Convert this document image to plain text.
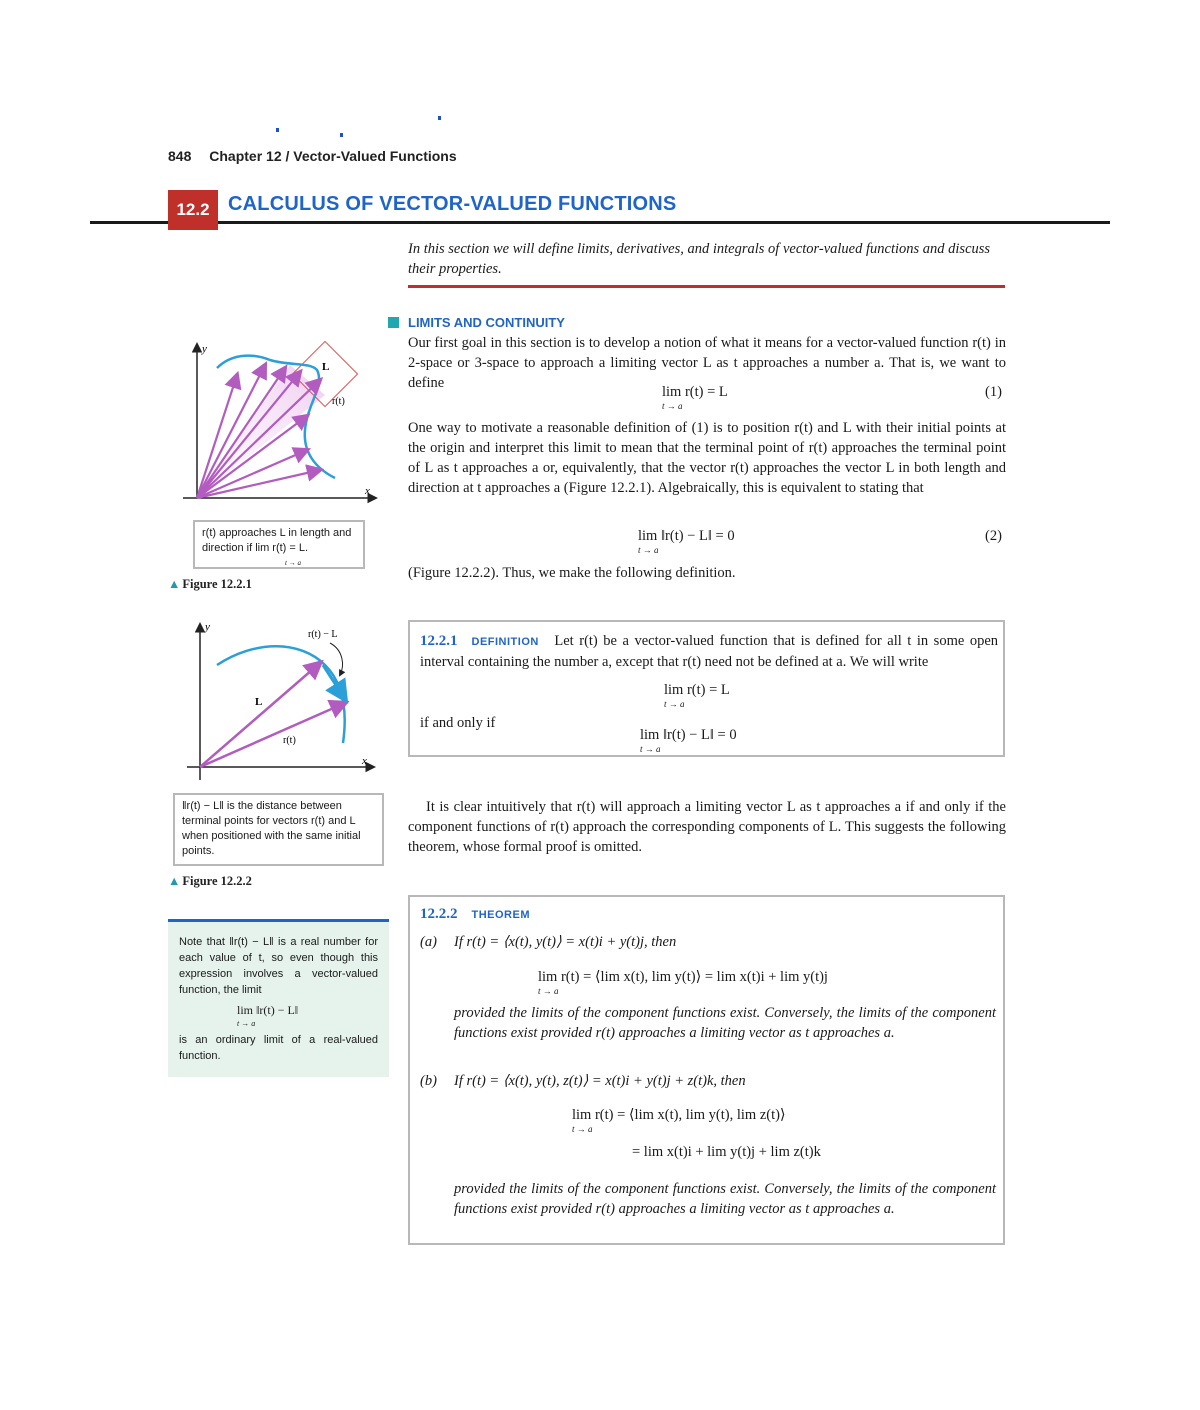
848 Chapter 12 / Vector-Valued Functions
12.2 CALCULUS OF VECTOR-VALUED FUNCTIONS
In this section we will define limits, derivatives, and integrals of vector-valued functions and discuss their properties.
LIMITS AND CONTINUITY
Our first goal in this section is to develop a notion of what it means for a vector-valued function r(t) in 2-space or 3-space to approach a limiting vector L as t approaches a number a. That is, we want to define
lim r(t) = L
t → a
(1)
One way to motivate a reasonable definition of (1) is to position r(t) and L with their initial points at the origin and interpret this limit to mean that the terminal point of r(t) approaches the terminal point of L as t approaches a or, equivalently, that the vector r(t) approaches the vector L in both length and direction at t approaches a (Figure 12.2.1). Algebraically, this is equivalent to stating that
lim ‖r(t) − L‖ = 0
t → a
(2)
(Figure 12.2.2). Thus, we make the following definition.
12.2.1 DEFINITION Let r(t) be a vector-valued function that is defined for all t in some open interval containing the number a, except that r(t) need not be defined at a. We will write
lim r(t) = L
t → a
if and only if
lim ‖r(t) − L‖ = 0
t → a
It is clear intuitively that r(t) will approach a limiting vector L as t approaches a if and only if the component functions of r(t) approach the corresponding components of L. This suggests the following theorem, whose formal proof is omitted.
12.2.2 THEOREM
(a) If r(t) = ⟨x(t), y(t)⟩ = x(t)i + y(t)j, then
lim r(t) = ⟨lim x(t), lim y(t)⟩ = lim x(t)i + lim y(t)j
t → a
provided the limits of the component functions exist. Conversely, the limits of the component functions exist provided r(t) approaches a limiting vector as t approaches a.
(b) If r(t) = ⟨x(t), y(t), z(t)⟩ = x(t)i + y(t)j + z(t)k, then
lim r(t) = ⟨lim x(t), lim y(t), lim z(t)⟩
t → a
= lim x(t)i + lim y(t)j + lim z(t)k
provided the limits of the component functions exist. Conversely, the limits of the component functions exist provided r(t) approaches a limiting vector as t approaches a.
y
x
L
r(t)
r(t) approaches L in length and direction if lim r(t) = L.
t → a
▲ Figure 12.2.1
y
x
r(t) − L
L
r(t)
‖r(t) − L‖ is the distance between terminal points for vectors r(t) and L when positioned with the same initial points.
▲ Figure 12.2.2
Note that ‖r(t) − L‖ is a real number for each value of t, so even though this expression involves a vector-valued function, the limit
lim ‖r(t) − L‖
t → a
is an ordinary limit of a real-valued function.
